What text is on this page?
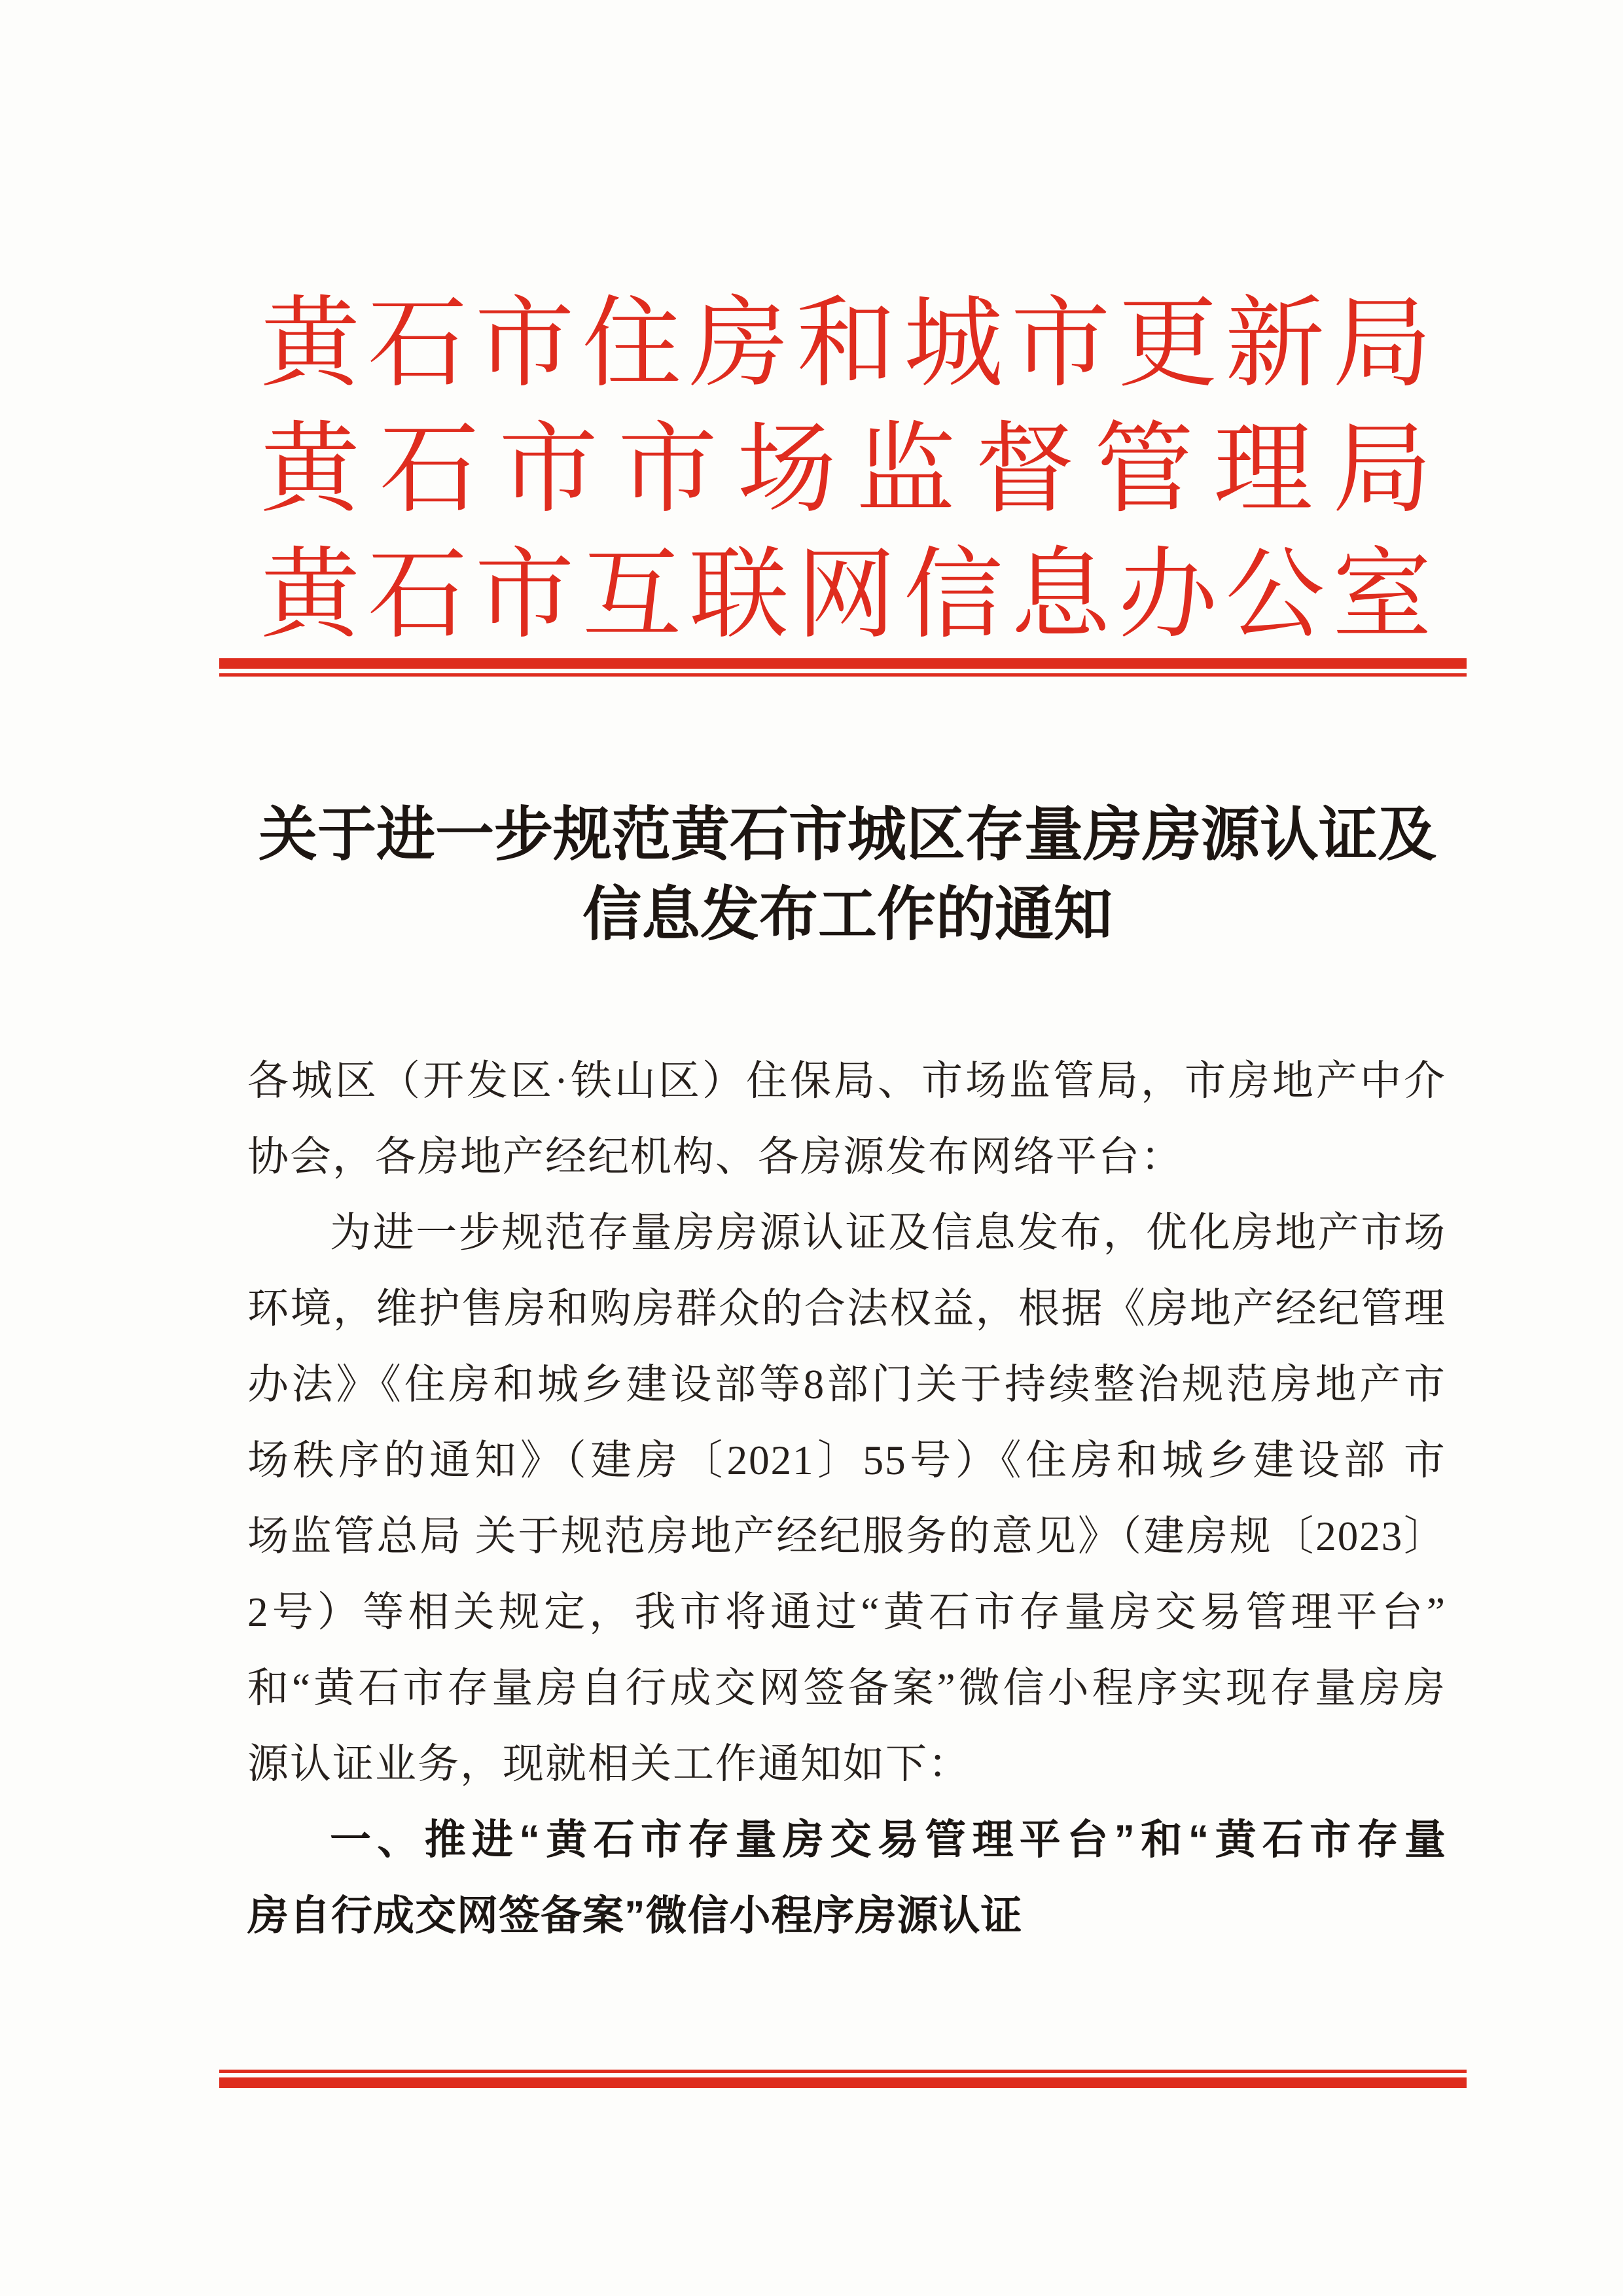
黄石市住房和城市更新局
黄石市市场监督管理局
黄石市互联网信息办公室
关于进一步规范黄石市城区存量房房源认证及
信息发布工作的通知
各城区（开发区·铁山区）住保局、市场监管局，市房地产中介
协会，各房地产经纪机构、各房源发布网络平台：
为进一步规范存量房房源认证及信息发布，优化房地产市场
环境，维护售房和购房群众的合法权益，根据《房地产经纪管理
办法》《住房和城乡建设部等8部门关于持续整治规范房地产市
场秩序的通知》（建房〔2021〕55号）《住房和城乡建设部 市
场监管总局 关于规范房地产经纪服务的意见》（建房规〔2023〕
2号）等相关规定，我市将通过“黄石市存量房交易管理平台”
和“黄石市存量房自行成交网签备案”微信小程序实现存量房房
源认证业务，现就相关工作通知如下：
一、推进“黄石市存量房交易管理平台”和“黄石市存量
房自行成交网签备案”微信小程序房源认证
